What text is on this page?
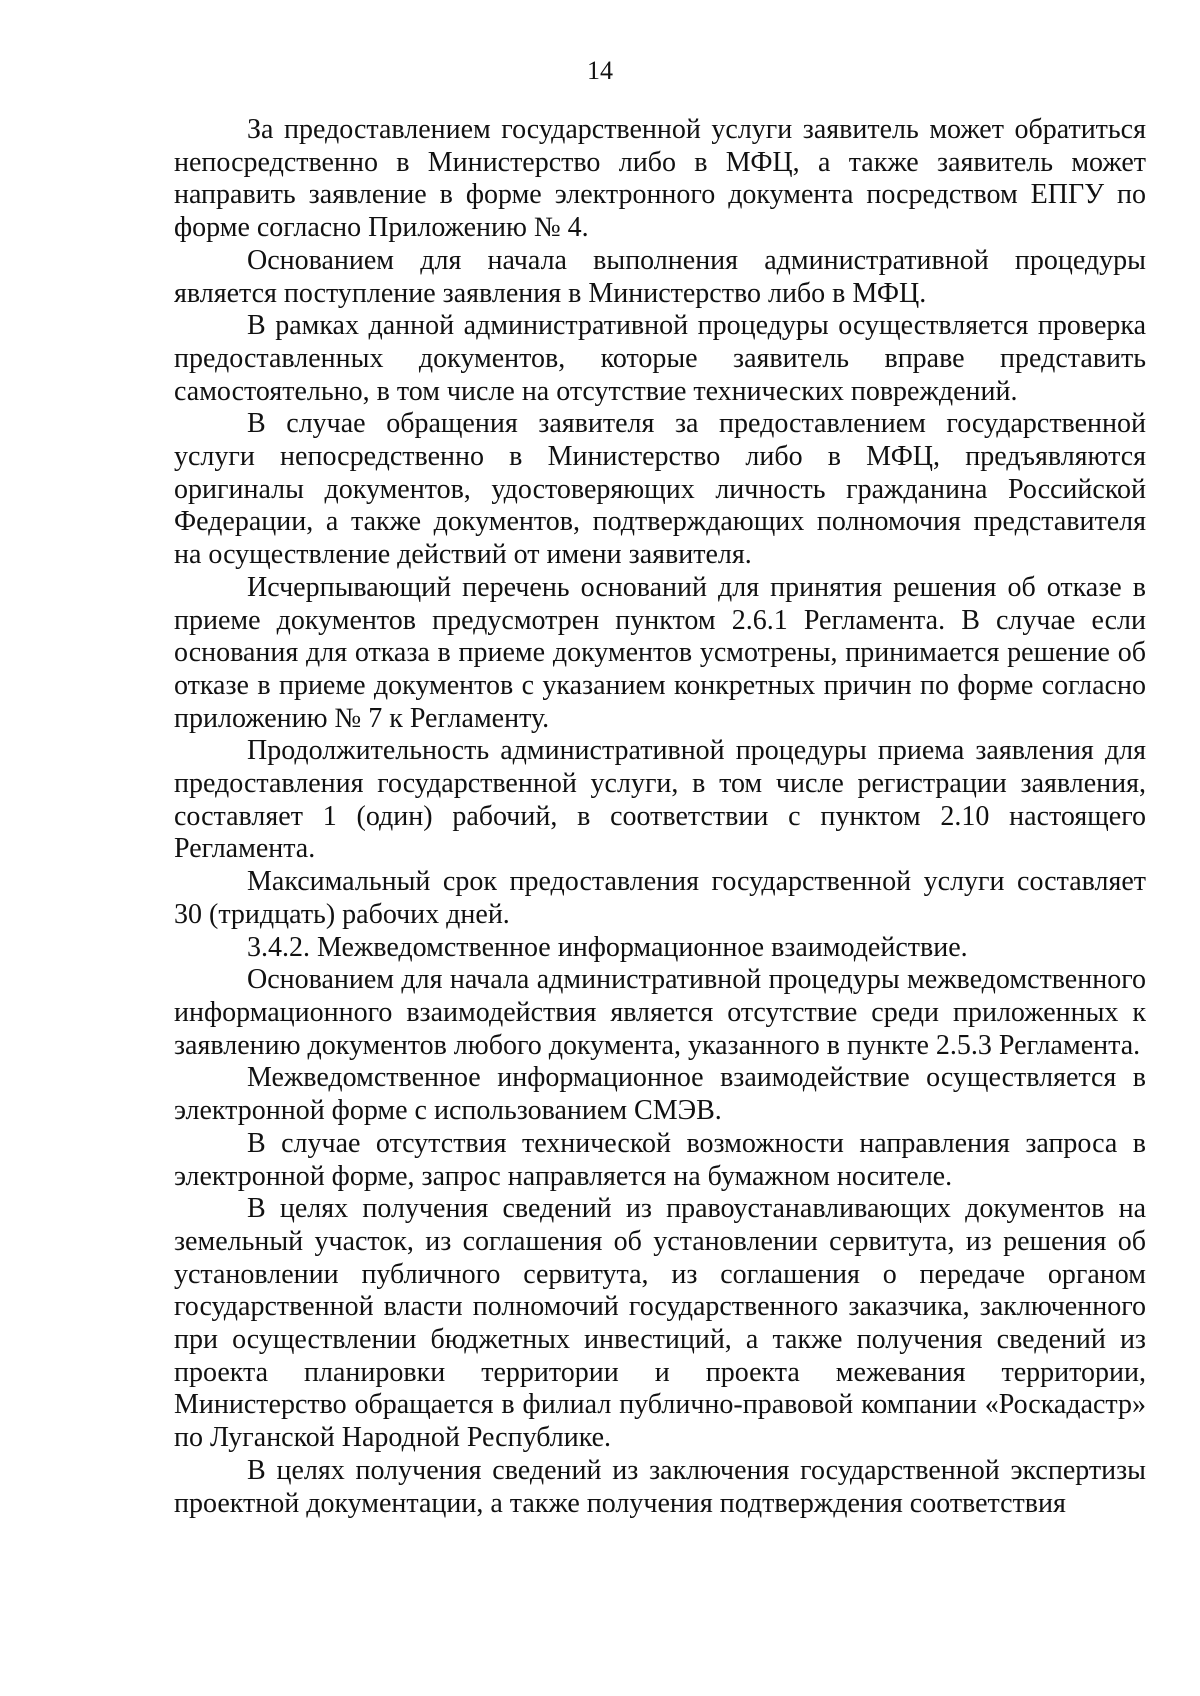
14

За предоставлением государственной услуги заявитель может обратиться непосредственно в Министерство либо в МФЦ, а также заявитель может направить заявление в форме электронного документа посредством ЕПГУ по форме согласно Приложению № 4.

Основанием для начала выполнения административной процедуры является поступление заявления в Министерство либо в МФЦ.

В рамках данной административной процедуры осуществляется проверка предоставленных документов, которые заявитель вправе представить самостоятельно, в том числе на отсутствие технических повреждений.

В случае обращения заявителя за предоставлением государственной услуги непосредственно в Министерство либо в МФЦ, предъявляются оригиналы документов, удостоверяющих личность гражданина Российской Федерации, а также документов, подтверждающих полномочия представителя на осуществление действий от имени заявителя.

Исчерпывающий перечень оснований для принятия решения об отказе в приеме документов предусмотрен пунктом 2.6.1 Регламента. В случае если основания для отказа в приеме документов усмотрены, принимается решение об отказе в приеме документов с указанием конкретных причин по форме согласно приложению № 7 к Регламенту.

Продолжительность административной процедуры приема заявления для предоставления государственной услуги, в том числе регистрации заявления, составляет 1 (один) рабочий, в соответствии с пунктом 2.10 настоящего Регламента.

Максимальный срок предоставления государственной услуги составляет 30 (тридцать) рабочих дней.

3.4.2. Межведомственное информационное взаимодействие.

Основанием для начала административной процедуры межведомственного информационного взаимодействия является отсутствие среди приложенных к заявлению документов любого документа, указанного в пункте 2.5.3 Регламента.

Межведомственное информационное взаимодействие осуществляется в электронной форме с использованием СМЭВ.

В случае отсутствия технической возможности направления запроса в электронной форме, запрос направляется на бумажном носителе.

В целях получения сведений из правоустанавливающих документов на земельный участок, из соглашения об установлении сервитута, из решения об установлении публичного сервитута, из соглашения о передаче органом государственной власти полномочий государственного заказчика, заключенного при осуществлении бюджетных инвестиций, а также получения сведений из проекта планировки территории и проекта межевания территории, Министерство обращается в филиал публично-правовой компании «Роскадастр» по Луганской Народной Республике.

В целях получения сведений из заключения государственной экспертизы проектной документации, а также получения подтверждения соответствия
